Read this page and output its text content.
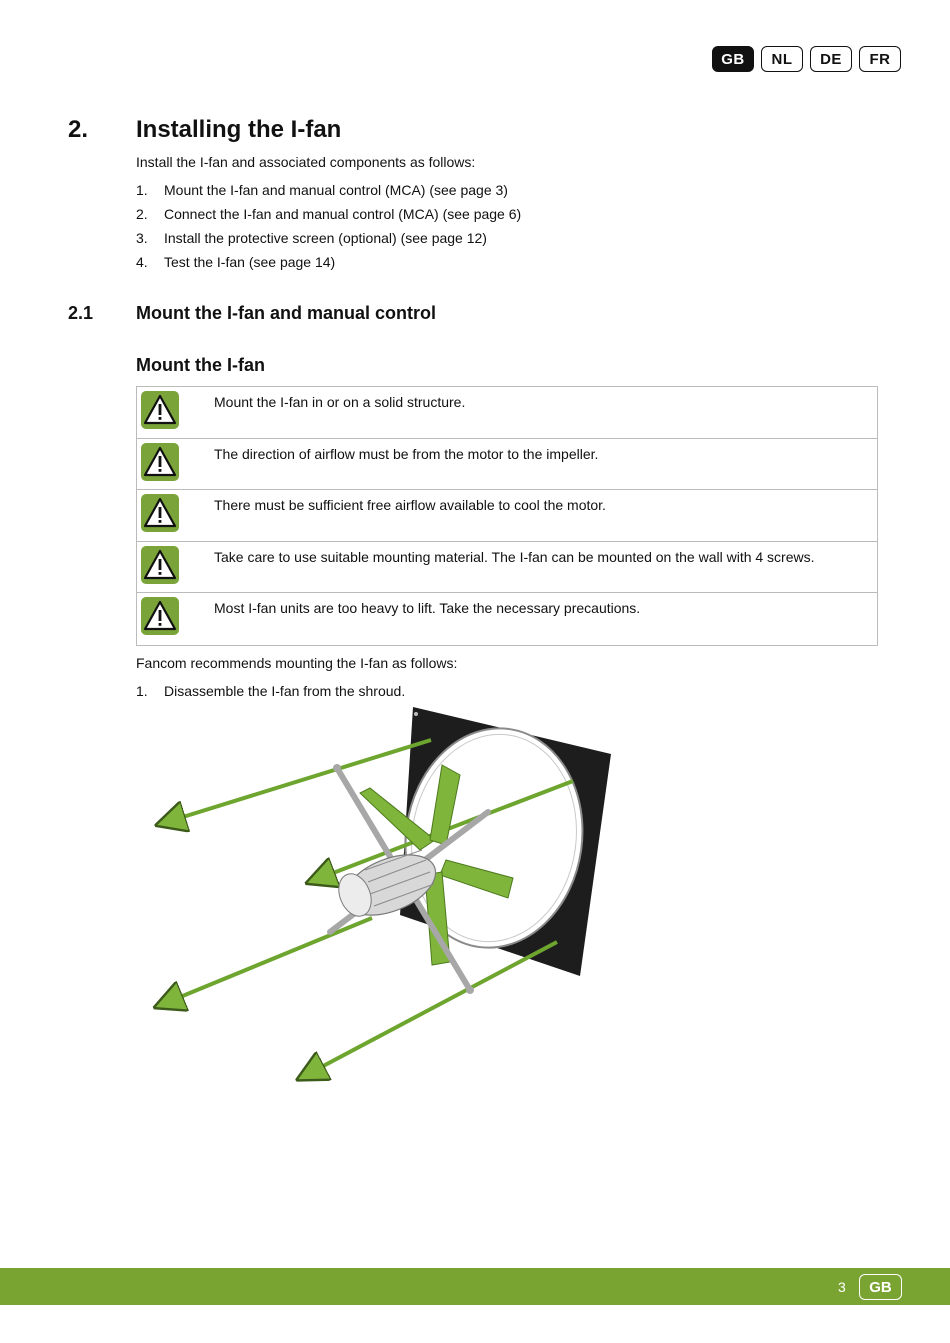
GB	NL	DE	FR
2. Installing the I-fan
Install the I-fan and associated components as follows:
1.	Mount the I-fan and manual control (MCA) (see page 3)
2.	Connect the I-fan and manual control (MCA) (see page 6)
3.	Install the protective screen (optional) (see page 12)
4.	Test the I-fan (see page 14)
2.1 Mount the I-fan and manual control
Mount the I-fan
Mount the I-fan in or on a solid structure.
The direction of airflow must be from the motor to the impeller.
There must be sufficient free airflow available to cool the motor.
Take care to use suitable mounting material. The I-fan can be mounted on the wall with 4 screws.
Most I-fan units are too heavy to lift. Take the necessary precautions.
Fancom recommends mounting the I-fan as follows:
1.	Disassemble the I-fan from the shroud.
3	GB
